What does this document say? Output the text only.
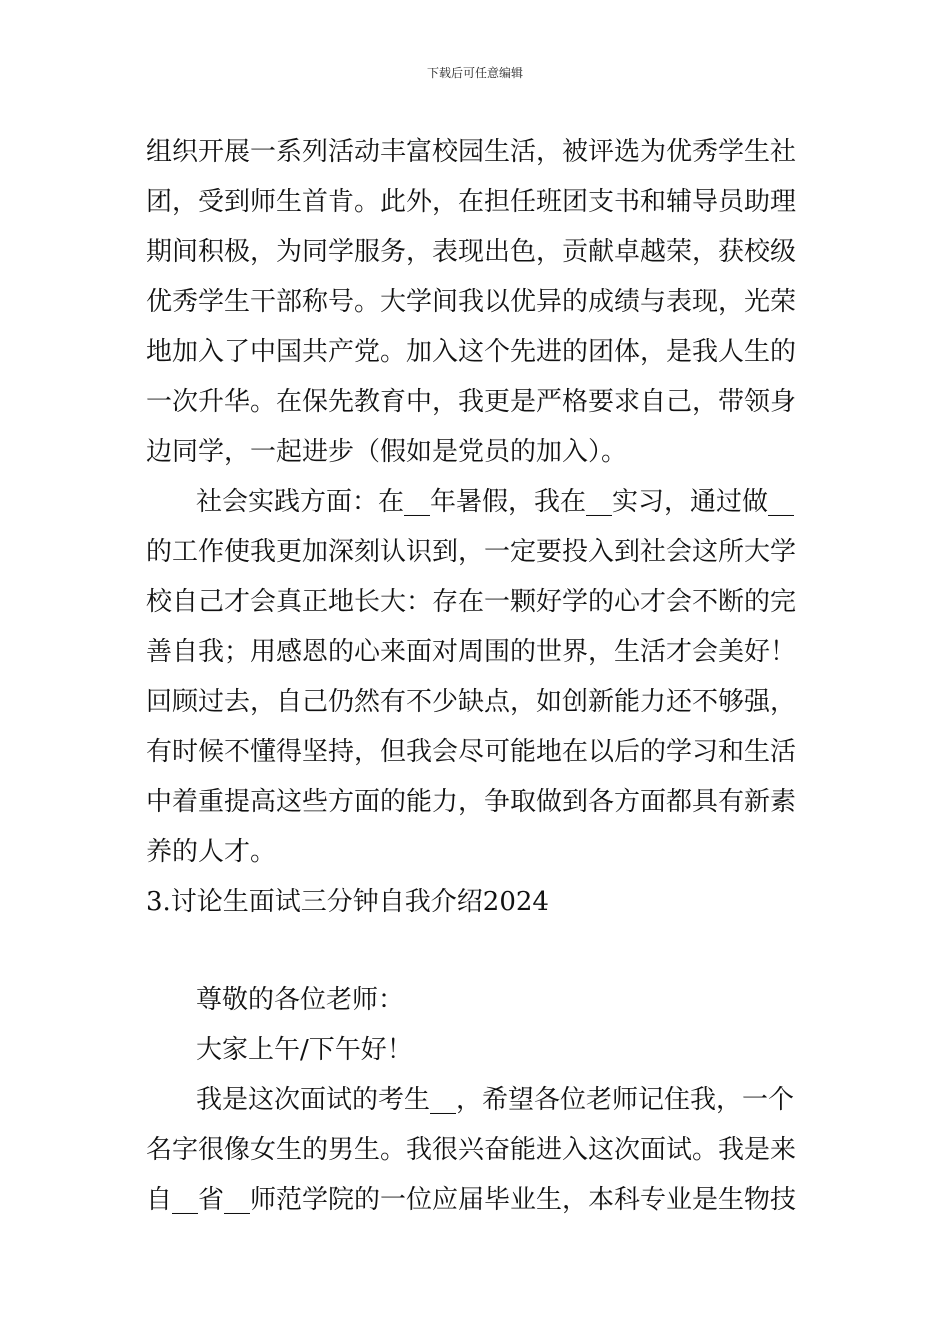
下载后可任意编辑
组织开展一系列活动丰富校园生活，被评选为优秀学生社
团，受到师生首肯。此外，在担任班团支书和辅导员助理
期间积极，为同学服务，表现出色，贡献卓越荣，获校级
优秀学生干部称号。大学间我以优异的成绩与表现，光荣
地加入了中国共产党。加入这个先进的团体，是我人生的
一次升华。在保先教育中，我更是严格要求自己，带领身
边同学，一起进步（假如是党员的加入）。
社会实践方面：在__年暑假，我在__实习，通过做__
的工作使我更加深刻认识到，一定要投入到社会这所大学
校自己才会真正地长大：存在一颗好学的心才会不断的完
善自我；用感恩的心来面对周围的世界，生活才会美好！
回顾过去，自己仍然有不少缺点，如创新能力还不够强，
有时候不懂得坚持，但我会尽可能地在以后的学习和生活
中着重提高这些方面的能力，争取做到各方面都具有新素
养的人才。
3.讨论生面试三分钟自我介绍2024
尊敬的各位老师：
大家上午/下午好！
我是这次面试的考生__，希望各位老师记住我，一个
名字很像女生的男生。我很兴奋能进入这次面试。我是来
自__省__师范学院的一位应届毕业生，本科专业是生物技
